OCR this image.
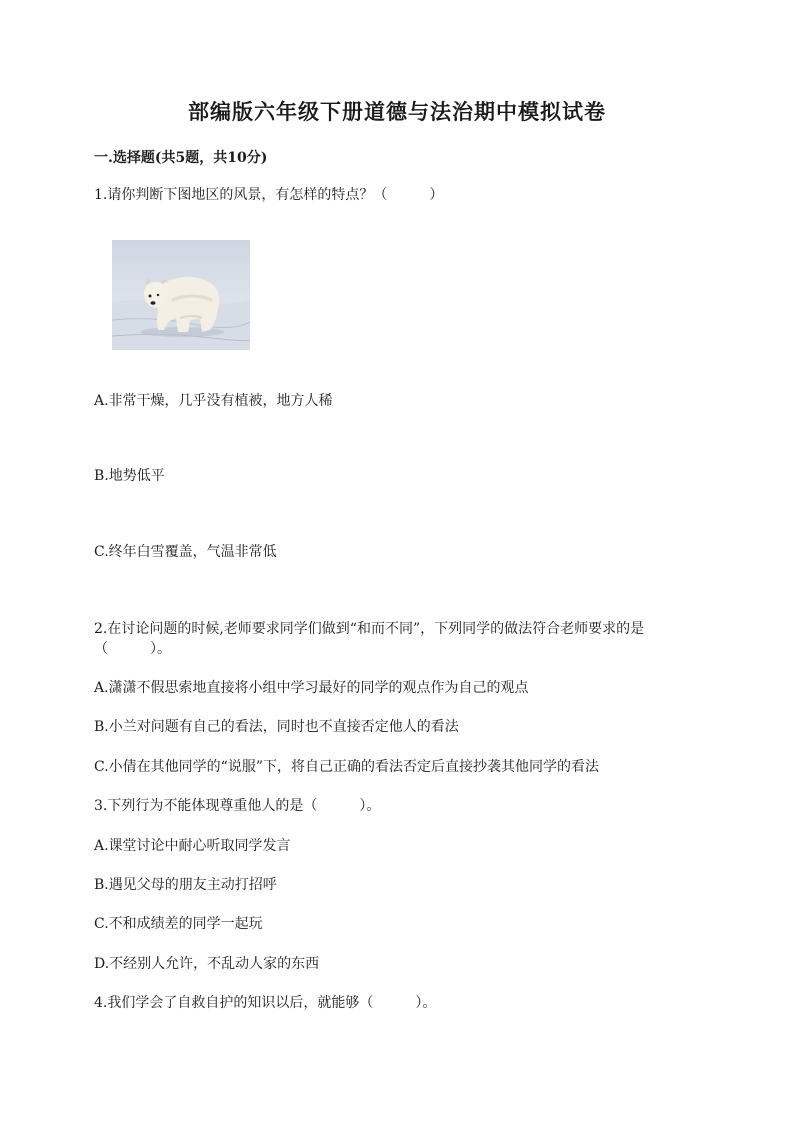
部编版六年级下册道德与法治期中模拟试卷
一.选择题(共5题，共10分)
1.请你判断下图地区的风景，有怎样的特点？（　　　）
A.非常干燥，几乎没有植被，地方人稀
B.地势低平
C.终年白雪覆盖，气温非常低
2.在讨论问题的时候,老师要求同学们做到“和而不同”，下列同学的做法符合老师要求的是（　　　）。
A.潇潇不假思索地直接将小组中学习最好的同学的观点作为自己的观点
B.小兰对问题有自己的看法，同时也不直接否定他人的看法
C.小倩在其他同学的“说服”下，将自己正确的看法否定后直接抄袭其他同学的看法
3.下列行为不能体现尊重他人的是（　　　）。
A.课堂讨论中耐心听取同学发言
B.遇见父母的朋友主动打招呼
C.不和成绩差的同学一起玩
D.不经别人允许，不乱动人家的东西
4.我们学会了自救自护的知识以后，就能够（　　　）。
